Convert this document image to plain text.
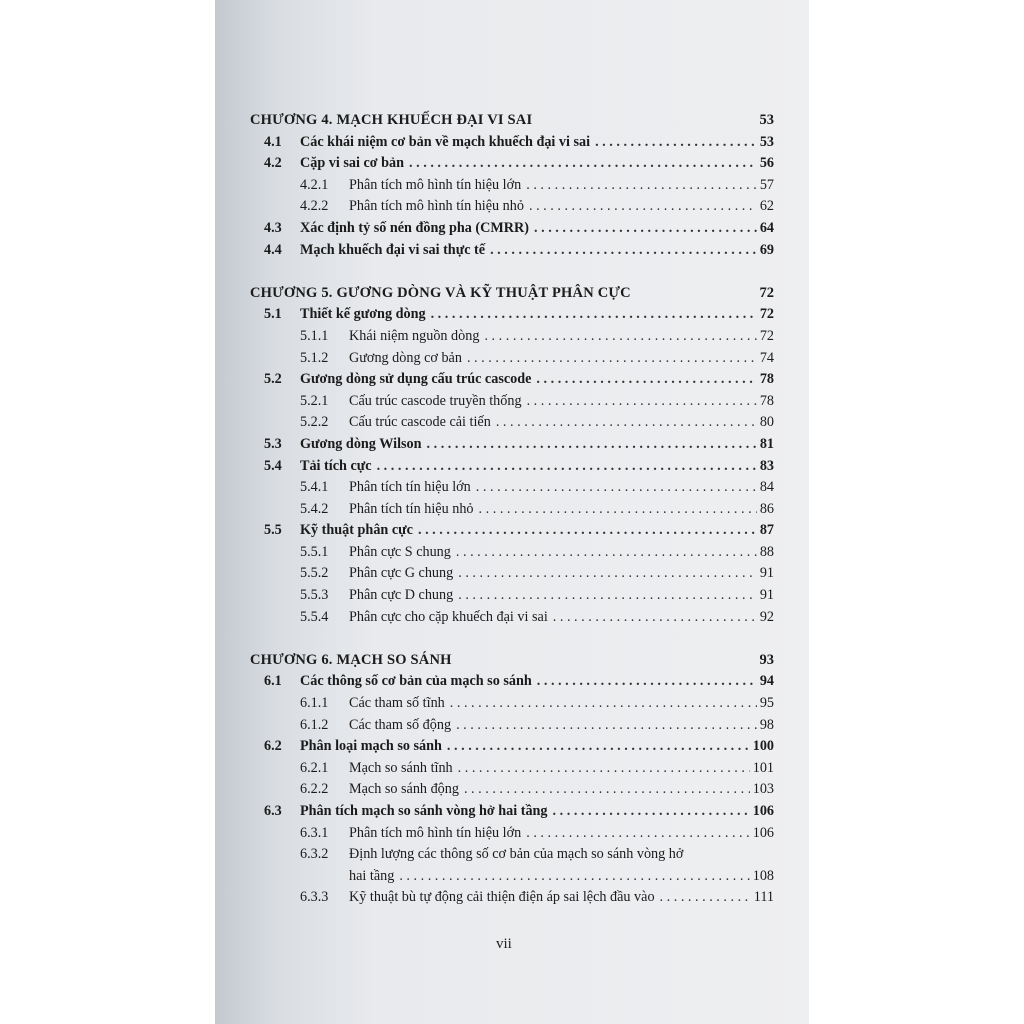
CHƯƠNG 4. MẠCH KHUẾCH ĐẠI VI SAI	53
4.1	Các khái niệm cơ bản về mạch khuếch đại vi sai . . .	53
4.2	Cặp vi sai cơ bản . . .	56
4.2.1	Phân tích mô hình tín hiệu lớn . . .	57
4.2.2	Phân tích mô hình tín hiệu nhỏ . . .	62
4.3	Xác định tỷ số nén đồng pha (CMRR) . . .	64
4.4	Mạch khuếch đại vi sai thực tế . . .	69
CHƯƠNG 5. GƯƠNG DÒNG VÀ KỸ THUẬT PHÂN CỰC	72
5.1	Thiết kế gương dòng . . .	72
5.1.1	Khái niệm nguồn dòng . . .	72
5.1.2	Gương dòng cơ bản . . .	74
5.2	Gương dòng sử dụng cấu trúc cascode . . .	78
5.2.1	Cấu trúc cascode truyền thống . . .	78
5.2.2	Cấu trúc cascode cải tiến . . .	80
5.3	Gương dòng Wilson . . .	81
5.4	Tải tích cực . . .	83
5.4.1	Phân tích tín hiệu lớn . . .	84
5.4.2	Phân tích tín hiệu nhỏ . . .	86
5.5	Kỹ thuật phân cực . . .	87
5.5.1	Phân cực S chung . . .	88
5.5.2	Phân cực G chung . . .	91
5.5.3	Phân cực D chung . . .	91
5.5.4	Phân cực cho cặp khuếch đại vi sai . . .	92
CHƯƠNG 6. MẠCH SO SÁNH	93
6.1	Các thông số cơ bản của mạch so sánh . . .	94
6.1.1	Các tham số tĩnh . . .	95
6.1.2	Các tham số động . . .	98
6.2	Phân loại mạch so sánh . . .	100
6.2.1	Mạch so sánh tĩnh . . .	101
6.2.2	Mạch so sánh động . . .	103
6.3	Phân tích mạch so sánh vòng hở hai tầng . . .	106
6.3.1	Phân tích mô hình tín hiệu lớn . . .	106
6.3.2	Định lượng các thông số cơ bản của mạch so sánh vòng hở
hai tầng . . .	108
6.3.3	Kỹ thuật bù tự động cải thiện điện áp sai lệch đầu vào . . .	111
vii
